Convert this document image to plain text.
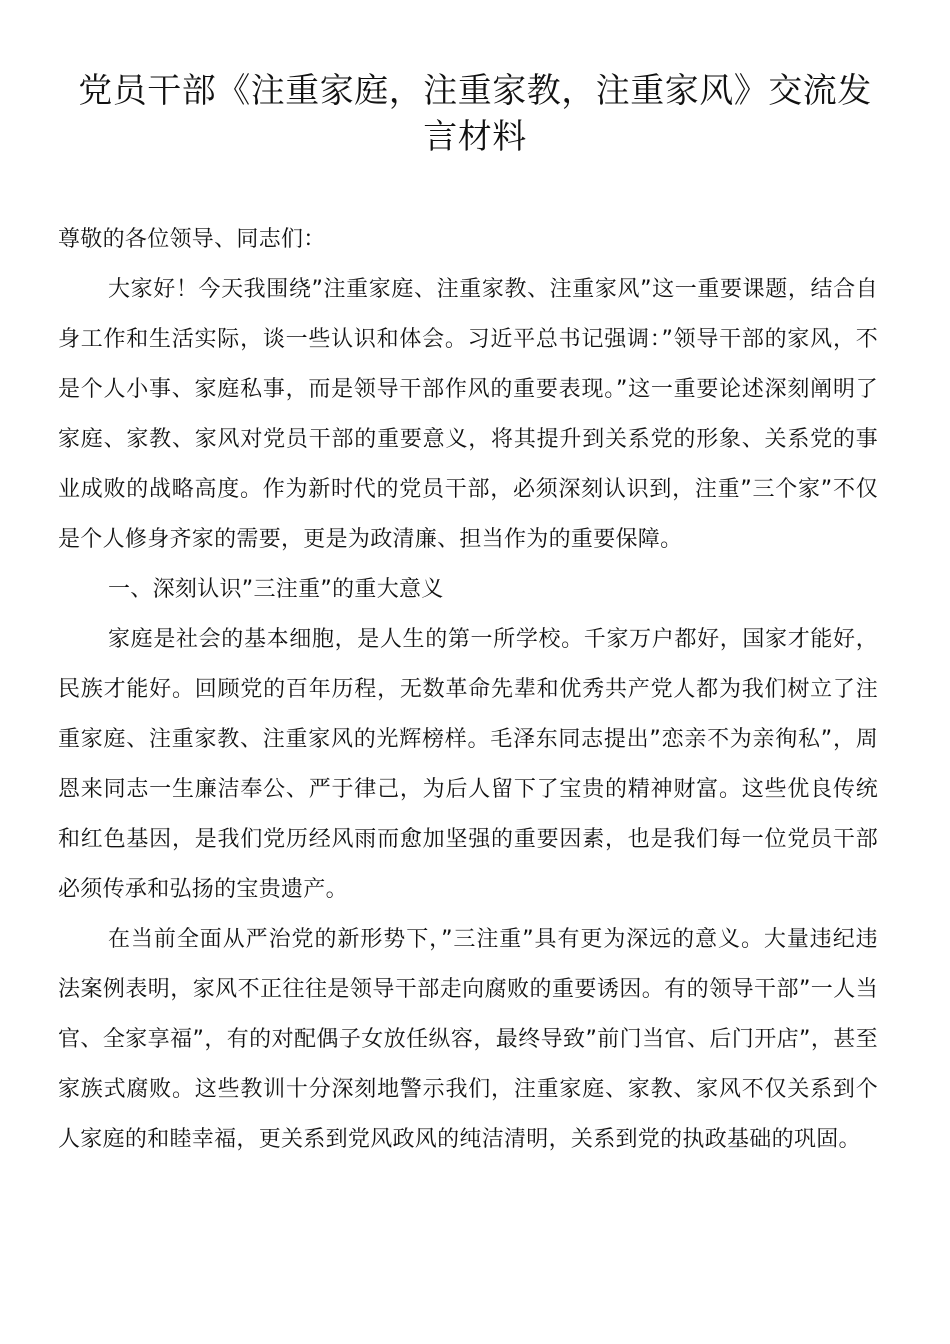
党员干部《注重家庭，注重家教，注重家风》交流发言材料

尊敬的各位领导、同志们：

大家好！今天我围绕”注重家庭、注重家教、注重家风”这一重要课题，结合自身工作和生活实际，谈一些认识和体会。习近平总书记强调：”领导干部的家风，不是个人小事、家庭私事，而是领导干部作风的重要表现。”这一重要论述深刻阐明了家庭、家教、家风对党员干部的重要意义，将其提升到关系党的形象、关系党的事业成败的战略高度。作为新时代的党员干部，必须深刻认识到，注重”三个家”不仅是个人修身齐家的需要，更是为政清廉、担当作为的重要保障。

一、深刻认识”三注重”的重大意义

家庭是社会的基本细胞，是人生的第一所学校。千家万户都好，国家才能好，民族才能好。回顾党的百年历程，无数革命先辈和优秀共产党人都为我们树立了注重家庭、注重家教、注重家风的光辉榜样。毛泽东同志提出”恋亲不为亲徇私”，周恩来同志一生廉洁奉公、严于律己，为后人留下了宝贵的精神财富。这些优良传统和红色基因，是我们党历经风雨而愈加坚强的重要因素，也是我们每一位党员干部必须传承和弘扬的宝贵遗产。

在当前全面从严治党的新形势下，”三注重”具有更为深远的意义。大量违纪违法案例表明，家风不正往往是领导干部走向腐败的重要诱因。有的领导干部”一人当官、全家享福”，有的对配偶子女放任纵容，最终导致”前门当官、后门开店”，甚至家族式腐败。这些教训十分深刻地警示我们，注重家庭、家教、家风不仅关系到个人家庭的和睦幸福，更关系到党风政风的纯洁清明，关系到党的执政基础的巩固。
